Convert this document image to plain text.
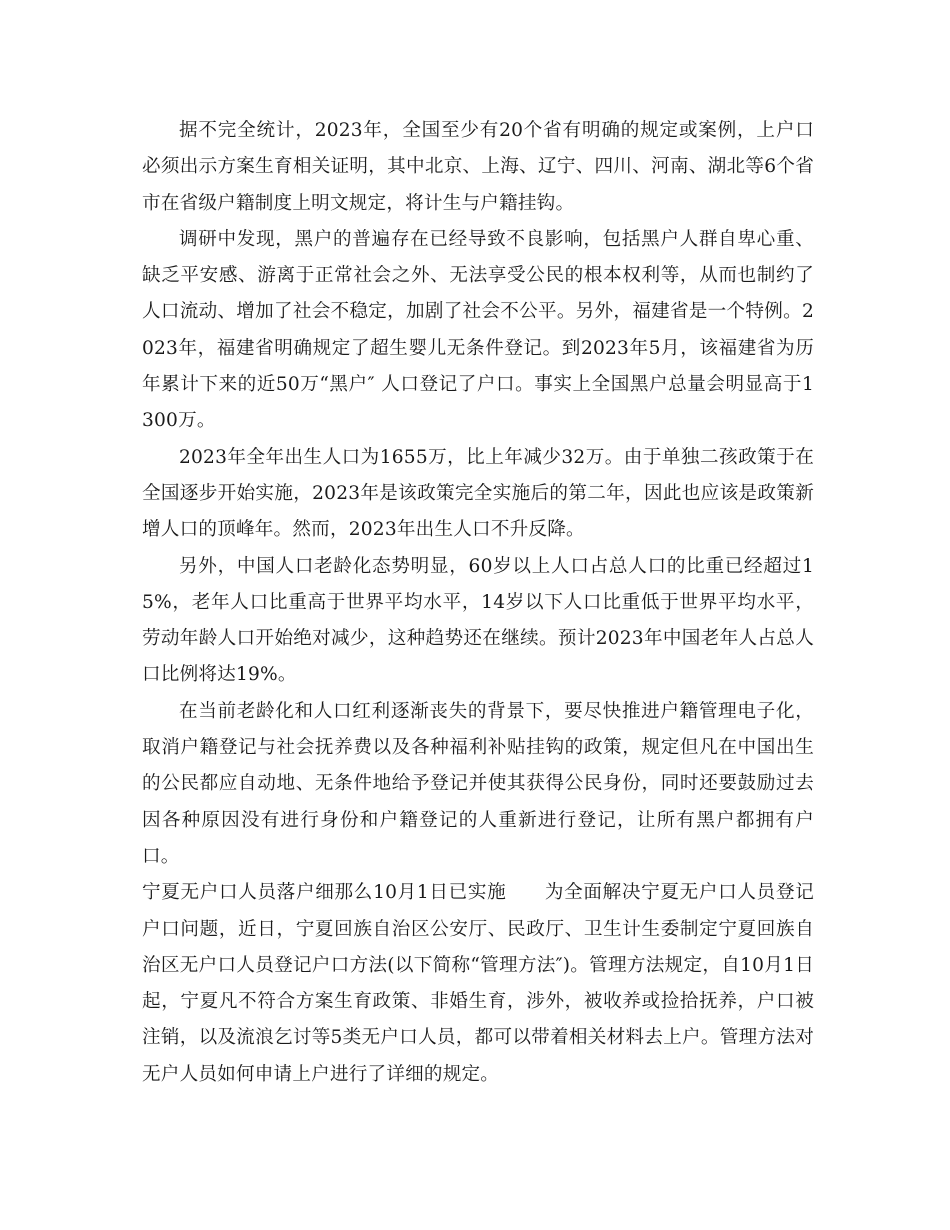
据不完全统计，2023年，全国至少有20个省有明确的规定或案例，上户口必须出示方案生育相关证明，其中北京、上海、辽宁、四川、河南、湖北等6个省市在省级户籍制度上明文规定，将计生与户籍挂钩。

调研中发现，黑户的普遍存在已经导致不良影响，包括黑户人群自卑心重、缺乏平安感、游离于正常社会之外、无法享受公民的根本权利等，从而也制约了人口流动、增加了社会不稳定，加剧了社会不公平。另外，福建省是一个特例。2023年，福建省明确规定了超生婴儿无条件登记。到2023年5月，该福建省为历年累计下来的近50万“黑户″ 人口登记了户口。事实上全国黑户总量会明显高于1300万。

2023年全年出生人口为1655万，比上年减少32万。由于单独二孩政策于在全国逐步开始实施，2023年是该政策完全实施后的第二年，因此也应该是政策新增人口的顶峰年。然而，2023年出生人口不升反降。

另外，中国人口老龄化态势明显，60岁以上人口占总人口的比重已经超过15%，老年人口比重高于世界平均水平，14岁以下人口比重低于世界平均水平，劳动年龄人口开始绝对减少，这种趋势还在继续。预计2023年中国老年人占总人口比例将达19%。

在当前老龄化和人口红利逐渐丧失的背景下，要尽快推进户籍管理电子化，取消户籍登记与社会抚养费以及各种福利补贴挂钩的政策，规定但凡在中国出生的公民都应自动地、无条件地给予登记并使其获得公民身份，同时还要鼓励过去因各种原因没有进行身份和户籍登记的人重新进行登记，让所有黑户都拥有户口。

宁夏无户口人员落户细那么10月1日已实施　　为全面解决宁夏无户口人员登记户口问题，近日，宁夏回族自治区公安厅、民政厅、卫生计生委制定宁夏回族自治区无户口人员登记户口方法(以下简称“管理方法″)。管理方法规定，自10月1日起，宁夏凡不符合方案生育政策、非婚生育，涉外，被收养或捡拾抚养，户口被注销，以及流浪乞讨等5类无户口人员，都可以带着相关材料去上户。管理方法对无户人员如何申请上户进行了详细的规定。
